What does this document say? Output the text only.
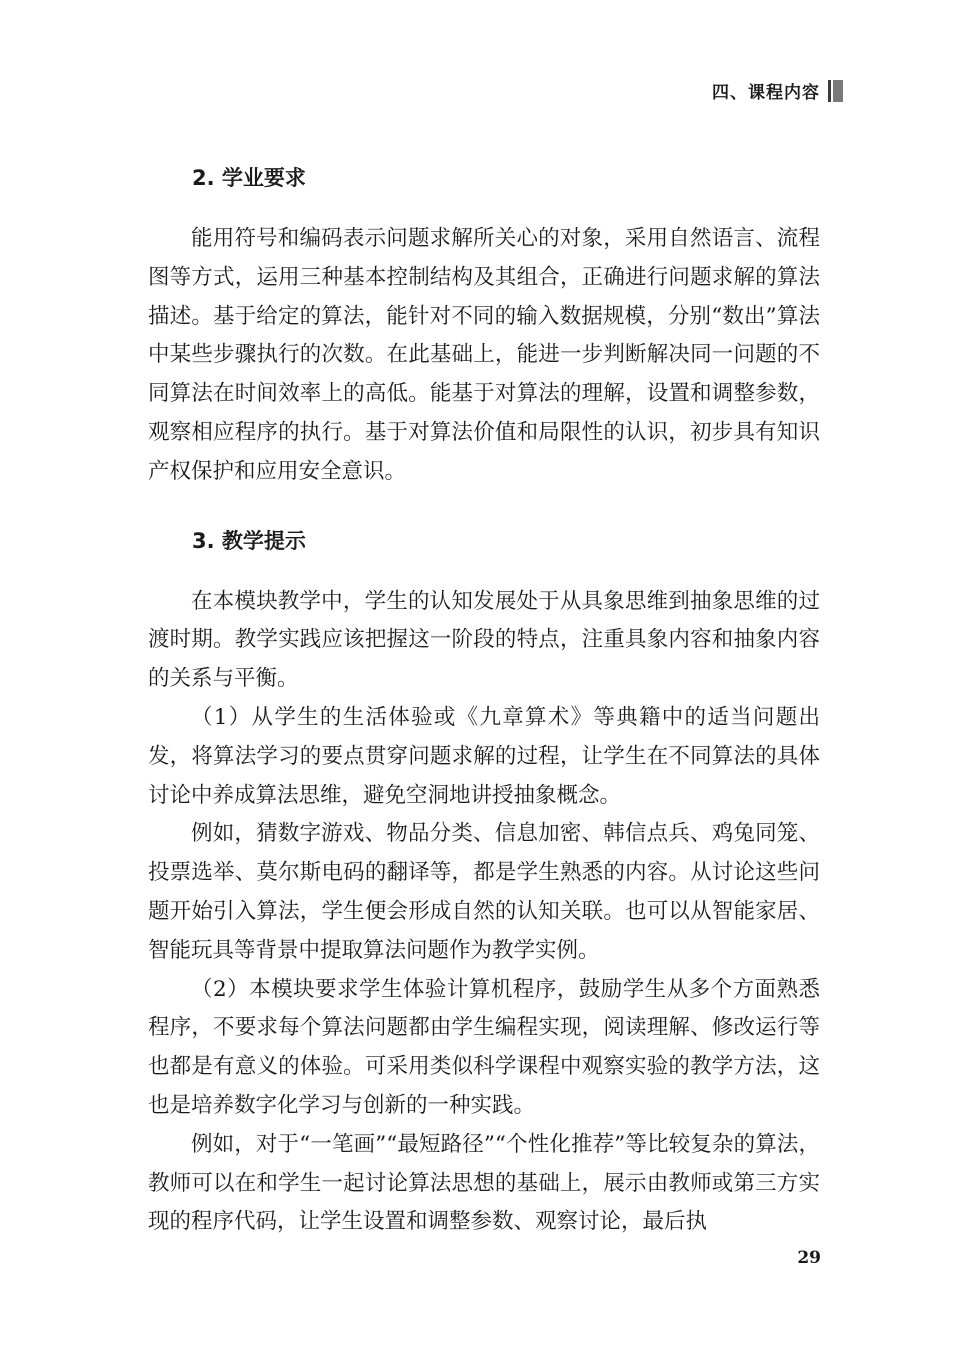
四、课程内容
2. 学业要求

能用符号和编码表示问题求解所关心的对象，采用自然语言、流程图等方式，运用三种基本控制结构及其组合，正确进行问题求解的算法描述。基于给定的算法，能针对不同的输入数据规模，分别“数出”算法中某些步骤执行的次数。在此基础上，能进一步判断解决同一问题的不同算法在时间效率上的高低。能基于对算法的理解，设置和调整参数，观察相应程序的执行。基于对算法价值和局限性的认识，初步具有知识产权保护和应用安全意识。

3. 教学提示

在本模块教学中，学生的认知发展处于从具象思维到抽象思维的过渡时期。教学实践应该把握这一阶段的特点，注重具象内容和抽象内容的关系与平衡。

（1）从学生的生活体验或《九章算术》等典籍中的适当问题出发，将算法学习的要点贯穿问题求解的过程，让学生在不同算法的具体讨论中养成算法思维，避免空洞地讲授抽象概念。

例如，猜数字游戏、物品分类、信息加密、韩信点兵、鸡兔同笼、投票选举、莫尔斯电码的翻译等，都是学生熟悉的内容。从讨论这些问题开始引入算法，学生便会形成自然的认知关联。也可以从智能家居、智能玩具等背景中提取算法问题作为教学实例。

（2）本模块要求学生体验计算机程序，鼓励学生从多个方面熟悉程序，不要求每个算法问题都由学生编程实现，阅读理解、修改运行等也都是有意义的体验。可采用类似科学课程中观察实验的教学方法，这也是培养数字化学习与创新的一种实践。

例如，对于“一笔画”“最短路径”“个性化推荐”等比较复杂的算法，教师可以在和学生一起讨论算法思想的基础上，展示由教师或第三方实现的程序代码，让学生设置和调整参数、观察讨论，最后执

29
